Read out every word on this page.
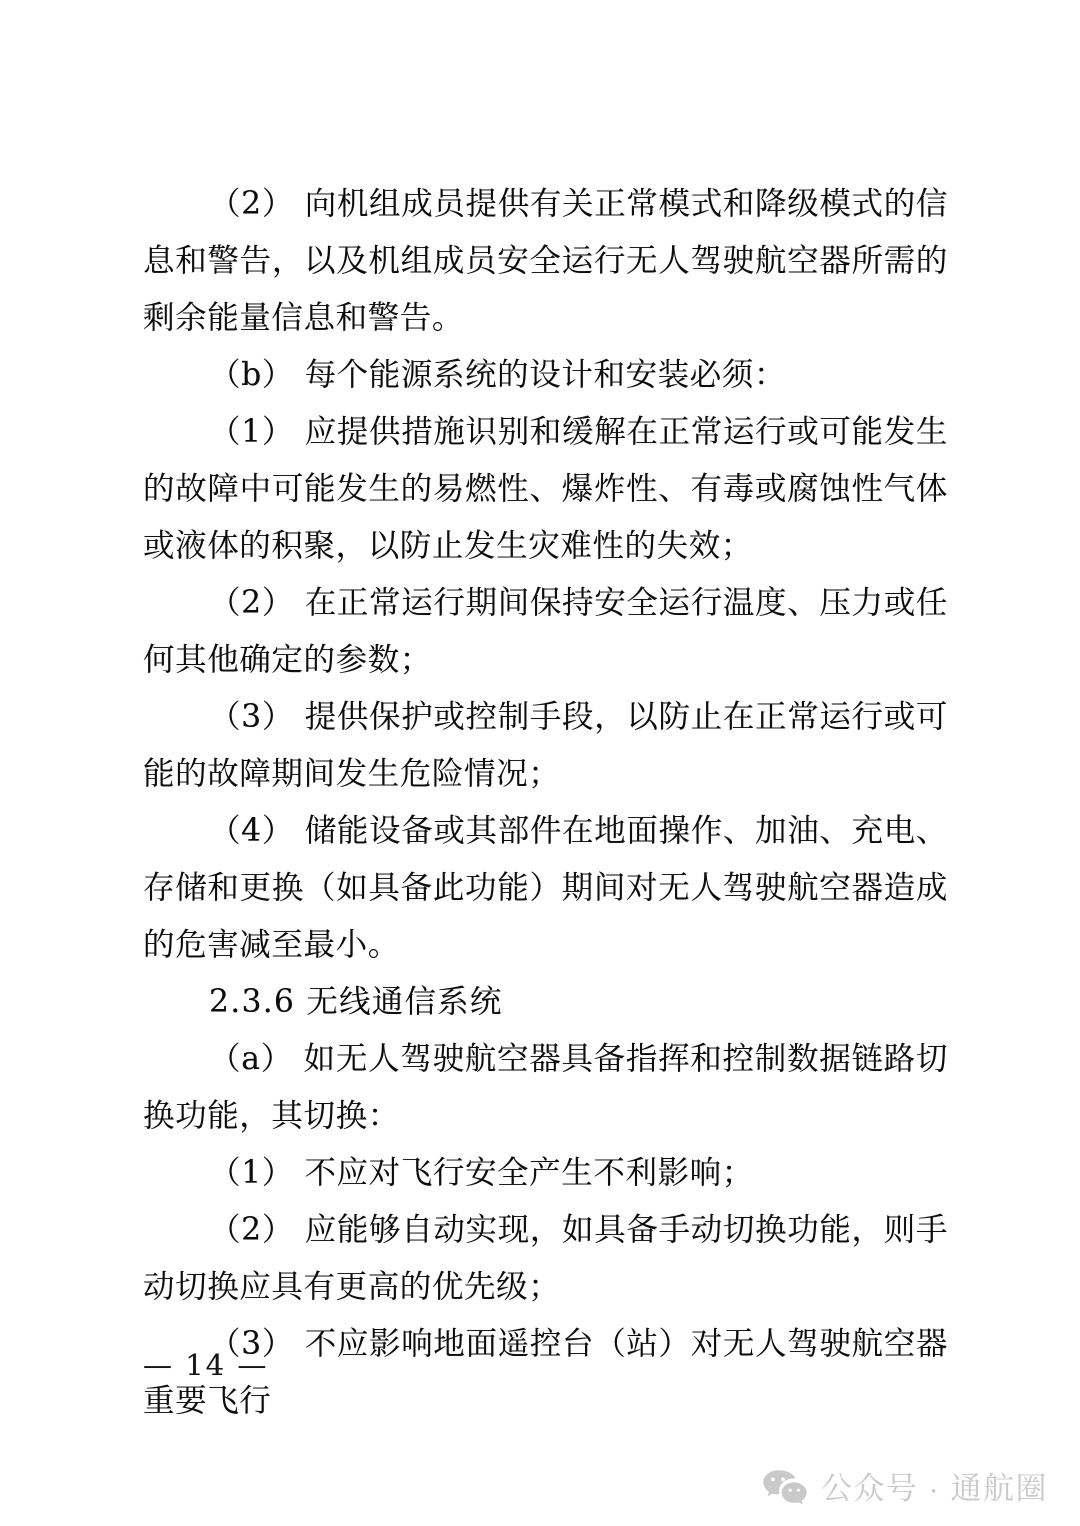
（2） 向机组成员提供有关正常模式和降级模式的信息和警告，以及机组成员安全运行无人驾驶航空器所需的剩余能量信息和警告。

（b） 每个能源系统的设计和安装必须：

（1） 应提供措施识别和缓解在正常运行或可能发生的故障中可能发生的易燃性、爆炸性、有毒或腐蚀性气体或液体的积聚，以防止发生灾难性的失效；

（2） 在正常运行期间保持安全运行温度、压力或任何其他确定的参数；

（3） 提供保护或控制手段，以防止在正常运行或可能的故障期间发生危险情况；

（4） 储能设备或其部件在地面操作、加油、充电、存储和更换（如具备此功能）期间对无人驾驶航空器造成的危害减至最小。

2.3.6 无线通信系统

（a） 如无人驾驶航空器具备指挥和控制数据链路切换功能，其切换：

（1） 不应对飞行安全产生不利影响；

（2） 应能够自动实现，如具备手动切换功能，则手动切换应具有更高的优先级；

（3） 不应影响地面遥控台（站）对无人驾驶航空器重要飞行

— 14 —
公众号 · 通航圈
